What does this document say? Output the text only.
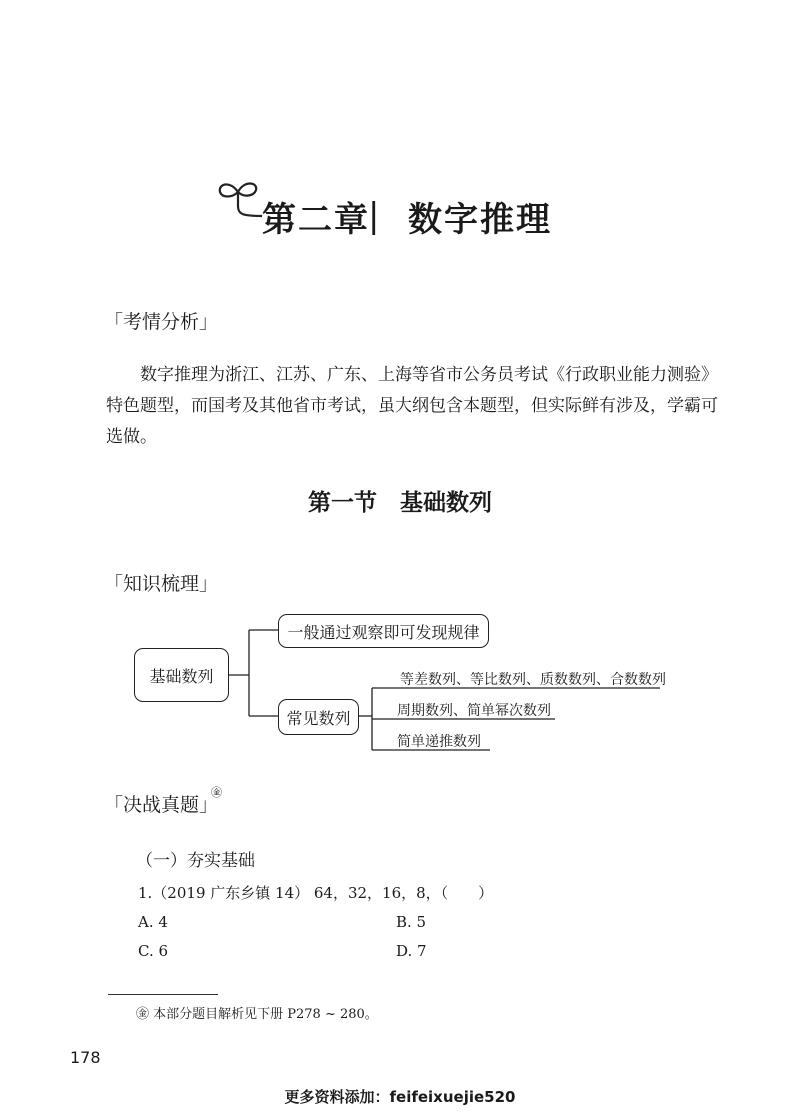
第二章
| 数字推理
「考情分析」
数字推理为浙江、江苏、广东、上海等省市公务员考试《行政职业能力测验》
特色题型，而国考及其他省市考试，虽大纲包含本题型，但实际鲜有涉及，学霸可
选做。
第一节　基础数列
「知识梳理」
基础数列
一般通过观察即可发现规律
常见数列
等差数列、等比数列、质数数列、合数数列
周期数列、简单幂次数列
简单递推数列
「决战真题」
㊎
（一）夯实基础
1.（2019 广东乡镇 14） 64，32，16，8，（　　）
A. 4	B. 5
C. 6	D. 7
㊎ 本部分题目解析见下册 P278 ~ 280。
178
更多资料添加：feifeixuejie520
